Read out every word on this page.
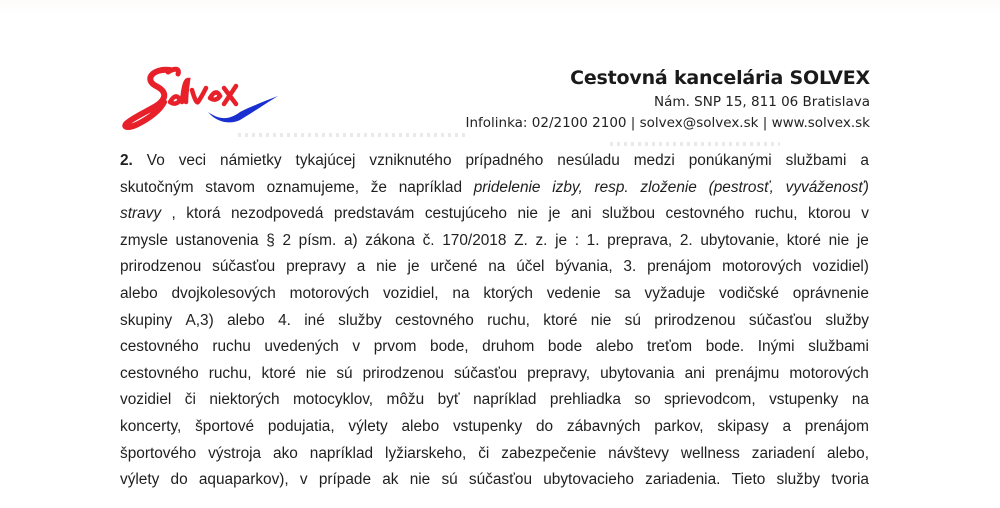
Cestovná kancelária SOLVEX
Nám. SNP 15, 811 06 Bratislava
Infolinka: 02/2100 2100 | solvex@solvex.sk | www.solvex.sk
2. Vo veci námietky tykajúcej vzniknutého prípadného nesúladu medzi ponúkanými službami a
skutočným stavom oznamujeme, že napríklad pridelenie izby, resp. zloženie (pestrosť, vyváženosť)
stravy , ktorá nezodpovedá predstavám cestujúceho nie je ani službou cestovného ruchu, ktorou v
zmysle ustanovenia § 2 písm. a) zákona č. 170/2018 Z. z. je : 1. preprava, 2. ubytovanie, ktoré nie je
prirodzenou súčasťou prepravy a nie je určené na účel bývania, 3. prenájom motorových vozidiel)
alebo dvojkolesových motorových vozidiel, na ktorých vedenie sa vyžaduje vodičské oprávnenie
skupiny A,3) alebo 4. iné služby cestovného ruchu, ktoré nie sú prirodzenou súčasťou služby
cestovného ruchu uvedených v prvom bode, druhom bode alebo treťom bode. Inými službami
cestovného ruchu, ktoré nie sú prirodzenou súčasťou prepravy, ubytovania ani prenájmu motorových
vozidiel či niektorých motocyklov, môžu byť napríklad prehliadka so sprievodcom, vstupenky na
koncerty, športové podujatia, výlety alebo vstupenky do zábavných parkov, skipasy a prenájom
športového výstroja ako napríklad lyžiarskeho, či zabezpečenie návštevy wellness zariadení alebo,
výlety do aquaparkov), v prípade ak nie sú súčasťou ubytovacieho zariadenia. Tieto služby tvoria
